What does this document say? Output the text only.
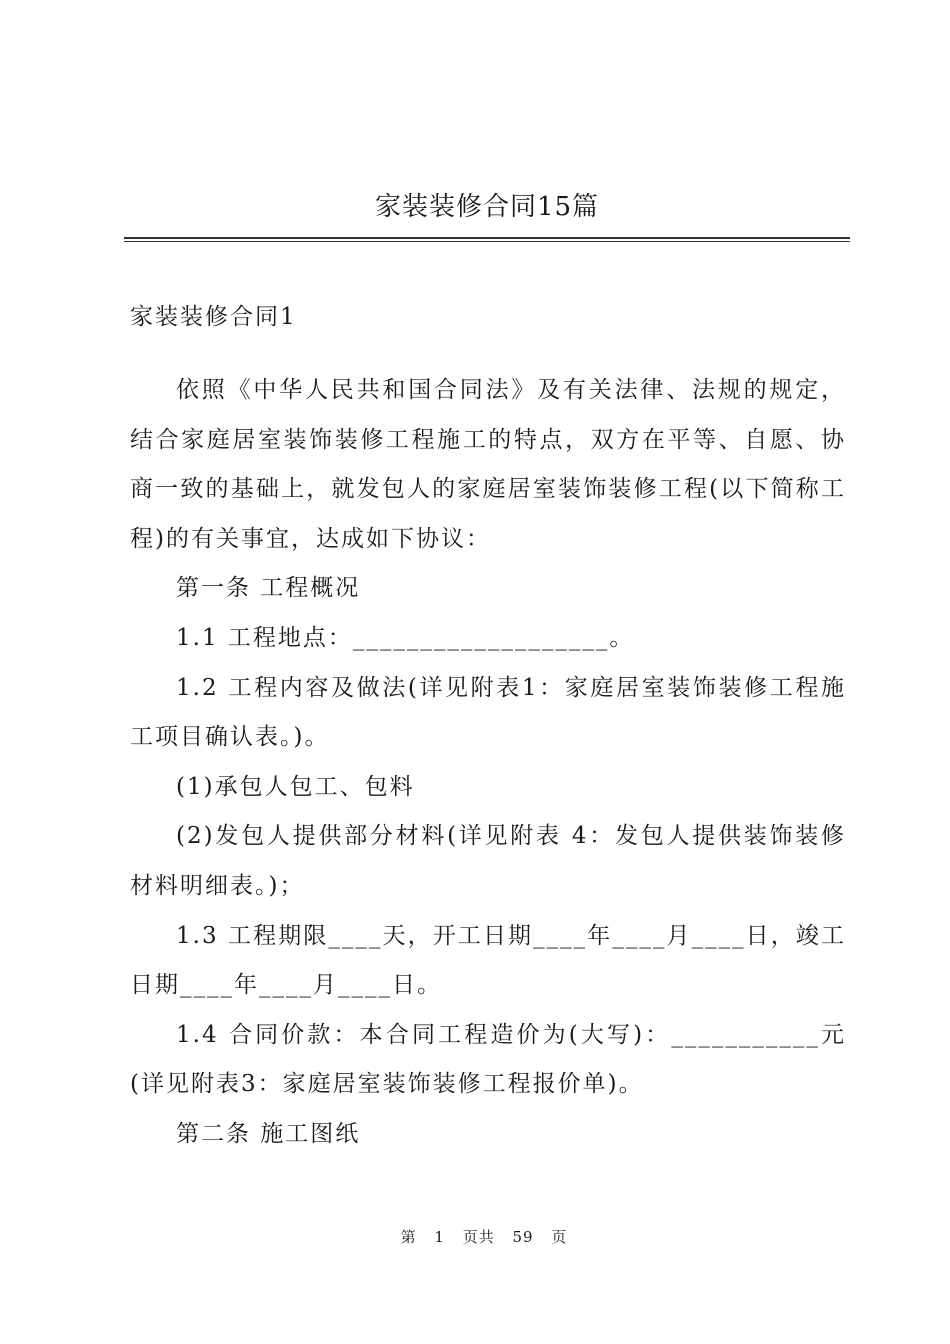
家装装修合同15篇
家装装修合同1

依照《中华人民共和国合同法》及有关法律、法规的规定，结合家庭居室装饰装修工程施工的特点，双方在平等、自愿、协商一致的基础上，就发包人的家庭居室装饰装修工程(以下简称工程)的有关事宜，达成如下协议：

第一条 工程概况

1.1 工程地点：___________________。

1.2 工程内容及做法(详见附表1：家庭居室装饰装修工程施工项目确认表。)。

(1)承包人包工、包料

(2)发包人提供部分材料(详见附表 4：发包人提供装饰装修材料明细表。)；

1.3 工程期限____天，开工日期____年____月____日，竣工日期____年____月____日。

1.4 合同价款：本合同工程造价为(大写)：___________元(详见附表3：家庭居室装饰装修工程报价单)。

第二条 施工图纸

第 1 页共 59 页
